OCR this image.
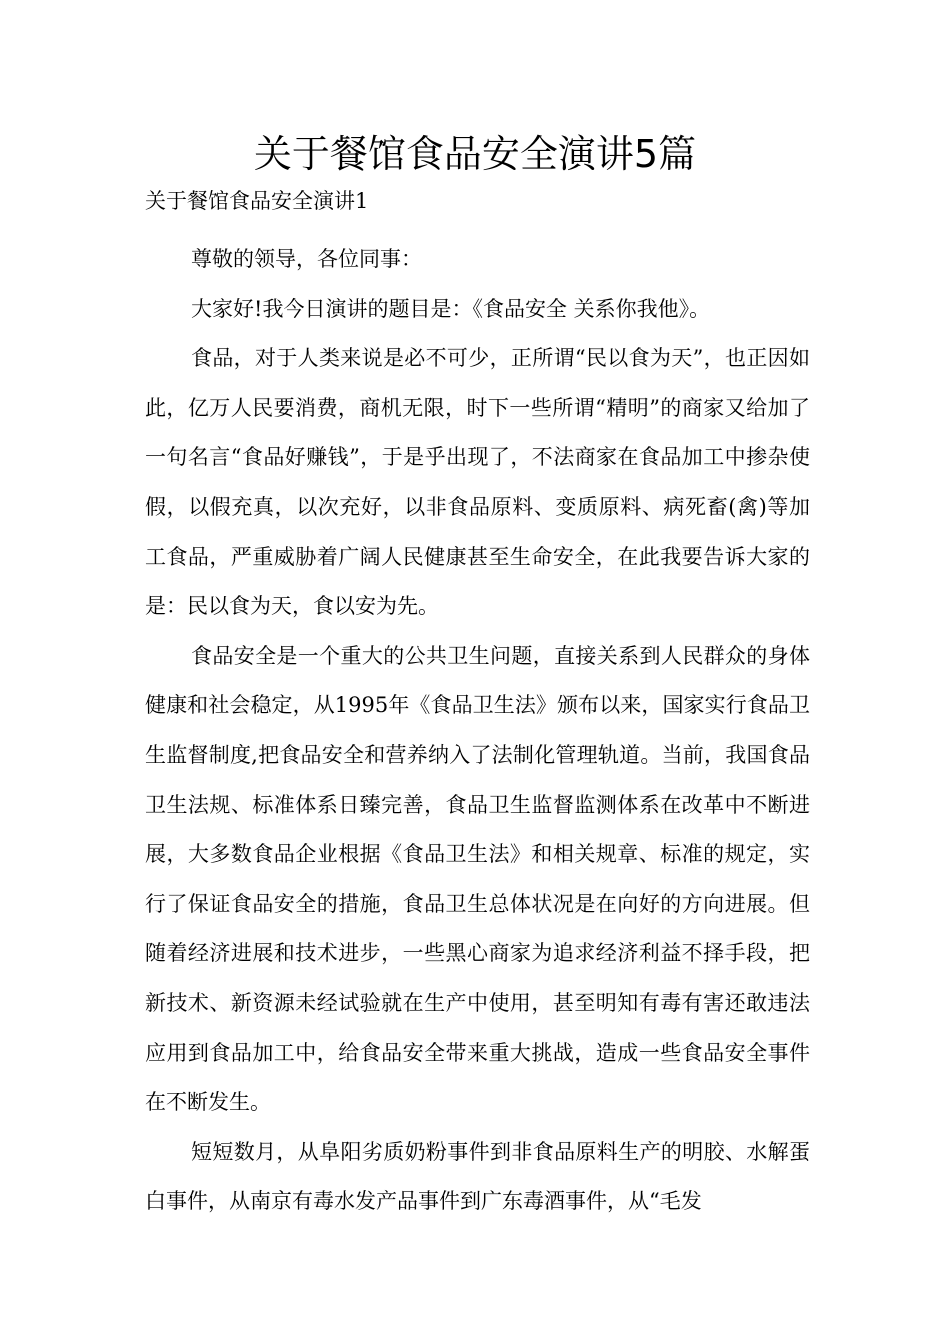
关于餐馆食品安全演讲5篇
关于餐馆食品安全演讲1

尊敬的领导，各位同事：

大家好!我今日演讲的题目是：《食品安全 关系你我他》。

食品，对于人类来说是必不可少，正所谓“民以食为天”，也正因如此，亿万人民要消费，商机无限，时下一些所谓“精明”的商家又给加了一句名言“食品好赚钱”，于是乎出现了，不法商家在食品加工中掺杂使假，以假充真，以次充好，以非食品原料、变质原料、病死畜(禽)等加工食品，严重威胁着广阔人民健康甚至生命安全，在此我要告诉大家的是：民以食为天，食以安为先。

食品安全是一个重大的公共卫生问题，直接关系到人民群众的身体健康和社会稳定，从1995年《食品卫生法》颁布以来，国家实行食品卫生监督制度,把食品安全和营养纳入了法制化管理轨道。当前，我国食品卫生法规、标准体系日臻完善，食品卫生监督监测体系在改革中不断进展，大多数食品企业根据《食品卫生法》和相关规章、标准的规定，实行了保证食品安全的措施，食品卫生总体状况是在向好的方向进展。但随着经济进展和技术进步，一些黑心商家为追求经济利益不择手段，把新技术、新资源未经试验就在生产中使用，甚至明知有毒有害还敢违法应用到食品加工中，给食品安全带来重大挑战，造成一些食品安全事件在不断发生。

短短数月，从阜阳劣质奶粉事件到非食品原料生产的明胶、水解蛋白事件，从南京有毒水发产品事件到广东毒酒事件，从“毛发
